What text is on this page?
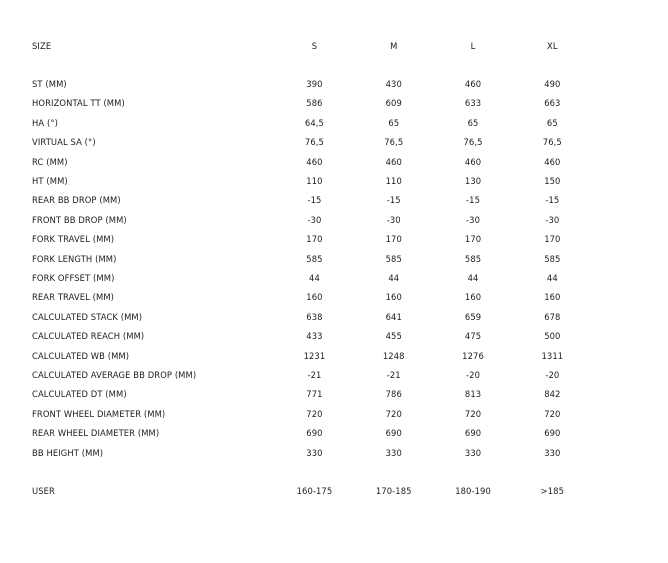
SIZE	S	M	L	XL
ST (MM)	390	430	460	490
HORIZONTAL TT (MM)	586	609	633	663
HA (°)	64,5	65	65	65
VIRTUAL SA (°)	76,5	76,5	76,5	76,5
RC (MM)	460	460	460	460
HT (MM)	110	110	130	150
REAR BB DROP (MM)	-15	-15	-15	-15
FRONT BB DROP (MM)	-30	-30	-30	-30
FORK TRAVEL (MM)	170	170	170	170
FORK LENGTH (MM)	585	585	585	585
FORK OFFSET (MM)	44	44	44	44
REAR TRAVEL (MM)	160	160	160	160
CALCULATED STACK (MM)	638	641	659	678
CALCULATED REACH (MM)	433	455	475	500
CALCULATED WB (MM)	1231	1248	1276	1311
CALCULATED AVERAGE BB DROP (MM)	-21	-21	-20	-20
CALCULATED DT (MM)	771	786	813	842
FRONT WHEEL DIAMETER (MM)	720	720	720	720
REAR WHEEL DIAMETER (MM)	690	690	690	690
BB HEIGHT (MM)	330	330	330	330
USER	160-175	170-185	180-190	>185
